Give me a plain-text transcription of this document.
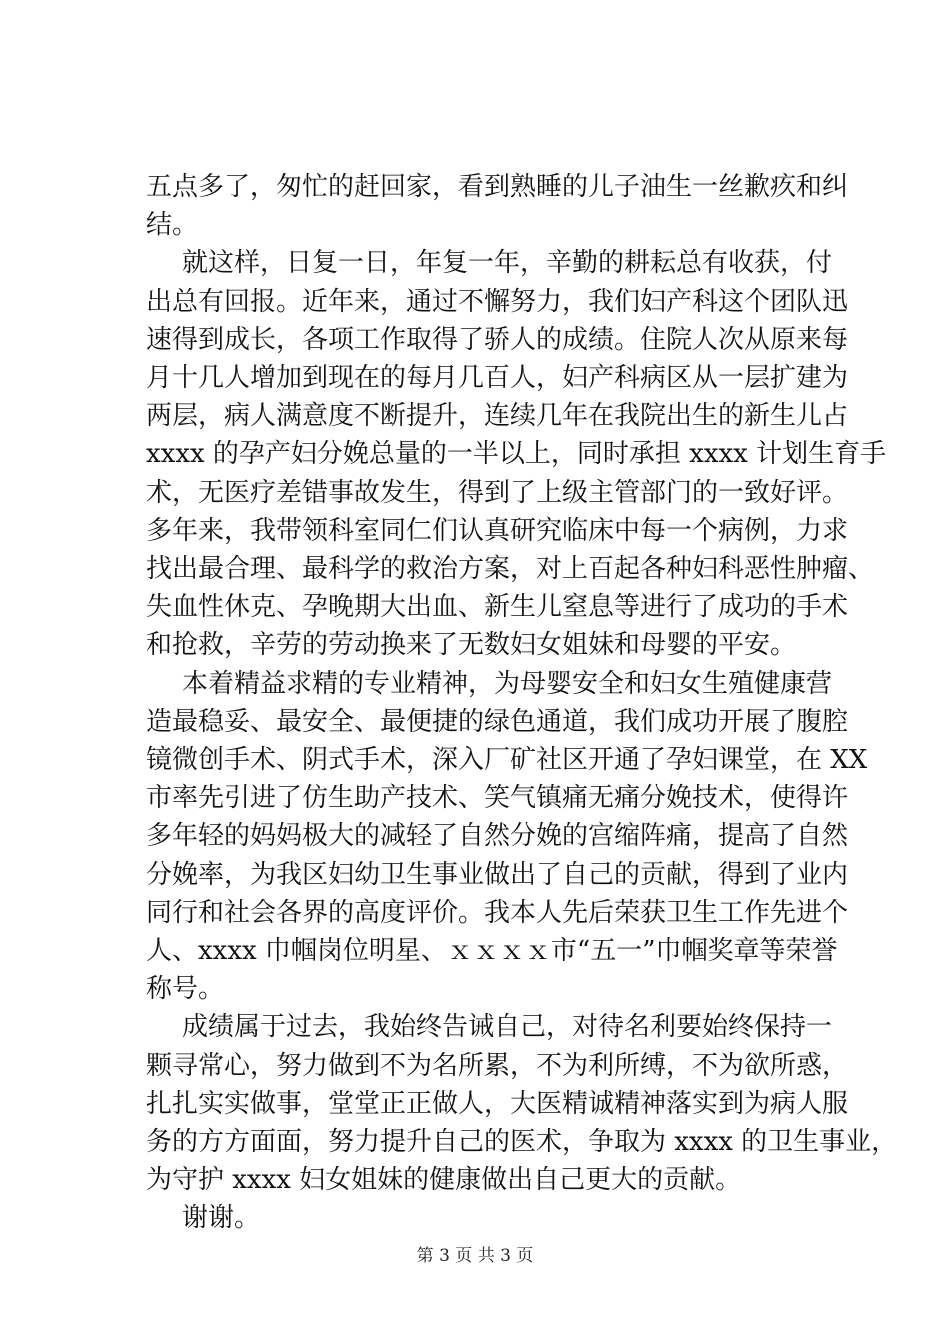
五点多了，匆忙的赶回家，看到熟睡的儿子油生一丝歉疚和纠
结。
就这样，日复一日，年复一年，辛勤的耕耘总有收获，付
出总有回报。近年来，通过不懈努力，我们妇产科这个团队迅
速得到成长，各项工作取得了骄人的成绩。住院人次从原来每
月十几人增加到现在的每月几百人，妇产科病区从一层扩建为
两层，病人满意度不断提升，连续几年在我院出生的新生儿占
xxxx 的孕产妇分娩总量的一半以上，同时承担 xxxx 计划生育手
术，无医疗差错事故发生，得到了上级主管部门的一致好评。
多年来，我带领科室同仁们认真研究临床中每一个病例，力求
找出最合理、最科学的救治方案，对上百起各种妇科恶性肿瘤、
失血性休克、孕晚期大出血、新生儿窒息等进行了成功的手术
和抢救，辛劳的劳动换来了无数妇女姐妹和母婴的平安。
本着精益求精的专业精神，为母婴安全和妇女生殖健康营
造最稳妥、最安全、最便捷的绿色通道，我们成功开展了腹腔
镜微创手术、阴式手术，深入厂矿社区开通了孕妇课堂，在 XX
市率先引进了仿生助产技术、笑气镇痛无痛分娩技术，使得许
多年轻的妈妈极大的减轻了自然分娩的宫缩阵痛，提高了自然
分娩率，为我区妇幼卫生事业做出了自己的贡献，得到了业内
同行和社会各界的高度评价。我本人先后荣获卫生工作先进个
人、xxxx 巾帼岗位明星、ｘｘｘｘ市“五一”巾帼奖章等荣誉
称号。
成绩属于过去，我始终告诫自己，对待名利要始终保持一
颗寻常心，努力做到不为名所累，不为利所缚，不为欲所惑，
扎扎实实做事，堂堂正正做人，大医精诚精神落实到为病人服
务的方方面面，努力提升自己的医术，争取为 xxxx 的卫生事业，
为守护 xxxx 妇女姐妹的健康做出自己更大的贡献。
谢谢。
第 3 页 共 3 页
